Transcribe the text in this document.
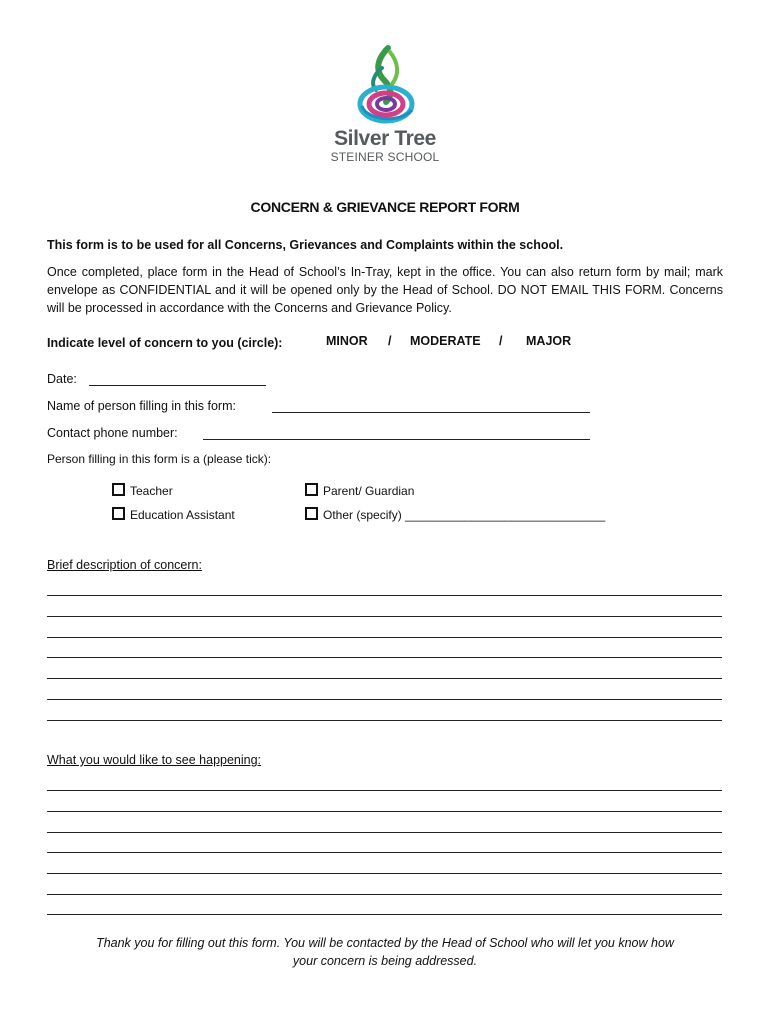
Silver Tree
STEINER SCHOOL
CONCERN & GRIEVANCE REPORT FORM
This form is to be used for all Concerns, Grievances and Complaints within the school.
Once completed, place form in the Head of School’s In-Tray, kept in the office. You can also return form by mail; mark envelope as CONFIDENTIAL and it will be opened only by the Head of School. DO NOT EMAIL THIS FORM. Concerns will be processed in accordance with the Concerns and Grievance Policy.
Indicate level of concern to you (circle):	MINOR / MODERATE / MAJOR
Date:
Name of person filling in this form:
Contact phone number:
Person filling in this form is a (please tick):
Teacher	Parent/ Guardian
Education Assistant	Other (specify) ______________________________
Brief description of concern:
What you would like to see happening:
Thank you for filling out this form. You will be contacted by the Head of School who will let you know how
your concern is being addressed.
